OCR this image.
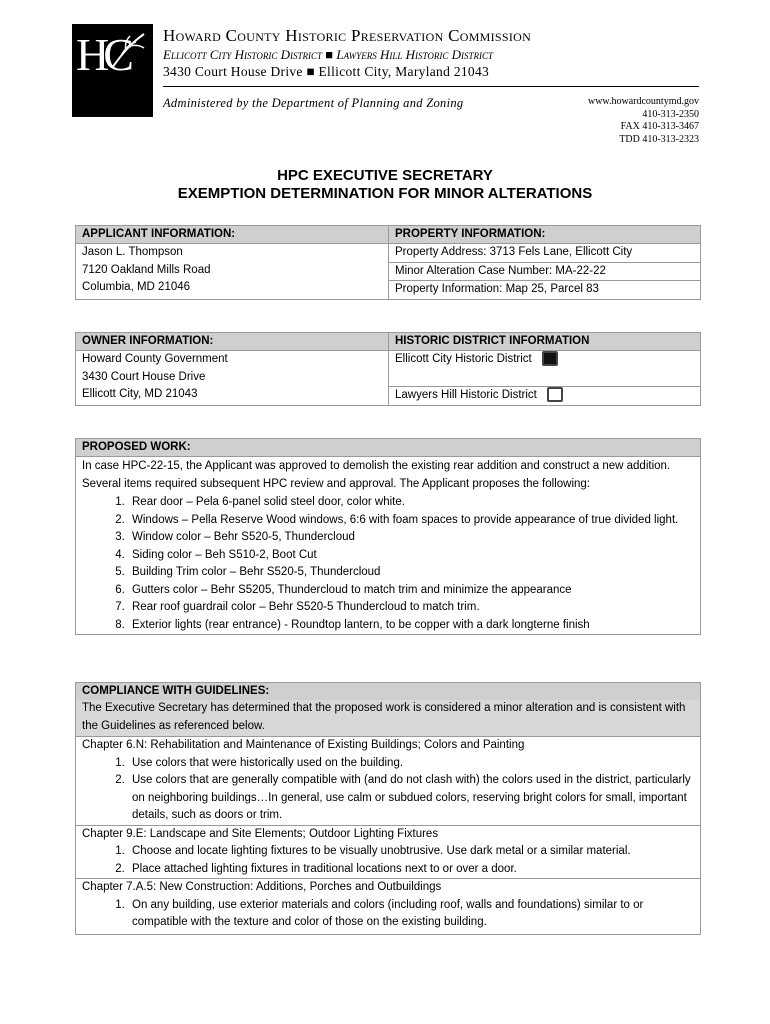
HC Howard County Historic Preservation Commission
Ellicott City Historic District ■ Lawyers Hill Historic District
3430 Court House Drive ■ Ellicott City, Maryland 21043
Administered by the Department of Planning and Zoning	www.howardcountymd.gov
410-313-2350
FAX 410-313-3467
TDD 410-313-2323
HPC EXECUTIVE SECRETARY
EXEMPTION DETERMINATION FOR MINOR ALTERATIONS
APPLICANT INFORMATION:
Jason L. Thompson
7120 Oakland Mills Road
Columbia, MD 21046
PROPERTY INFORMATION:
Property Address: 3713 Fels Lane, Ellicott City
Minor Alteration Case Number: MA-22-22
Property Information: Map 25, Parcel 83
OWNER INFORMATION:
Howard County Government
3430 Court House Drive
Ellicott City, MD 21043
HISTORIC DISTRICT INFORMATION
Ellicott City Historic District
Lawyers Hill Historic District
PROPOSED WORK:
In case HPC-22-15, the Applicant was approved to demolish the existing rear addition and construct a new addition. Several items required subsequent HPC review and approval. The Applicant proposes the following:
1. Rear door – Pela 6-panel solid steel door, color white.
2. Windows – Pella Reserve Wood windows, 6:6 with foam spaces to provide appearance of true divided light.
3. Window color – Behr S520-5, Thundercloud
4. Siding color – Beh S510-2, Boot Cut
5. Building Trim color – Behr S520-5, Thundercloud
6. Gutters color – Behr S5205, Thundercloud to match trim and minimize the appearance
7. Rear roof guardrail color – Behr S520-5 Thundercloud to match trim.
8. Exterior lights (rear entrance) - Roundtop lantern, to be copper with a dark longterne finish
COMPLIANCE WITH GUIDELINES:
The Executive Secretary has determined that the proposed work is considered a minor alteration and is consistent with the Guidelines as referenced below.
Chapter 6.N: Rehabilitation and Maintenance of Existing Buildings; Colors and Painting
1. Use colors that were historically used on the building.
2. Use colors that are generally compatible with (and do not clash with) the colors used in the district, particularly on neighboring buildings…In general, use calm or subdued colors, reserving bright colors for small, important details, such as doors or trim.
Chapter 9.E: Landscape and Site Elements; Outdoor Lighting Fixtures
1. Choose and locate lighting fixtures to be visually unobtrusive. Use dark metal or a similar material.
2. Place attached lighting fixtures in traditional locations next to or over a door.
Chapter 7.A.5: New Construction: Additions, Porches and Outbuildings
1. On any building, use exterior materials and colors (including roof, walls and foundations) similar to or compatible with the texture and color of those on the existing building.
